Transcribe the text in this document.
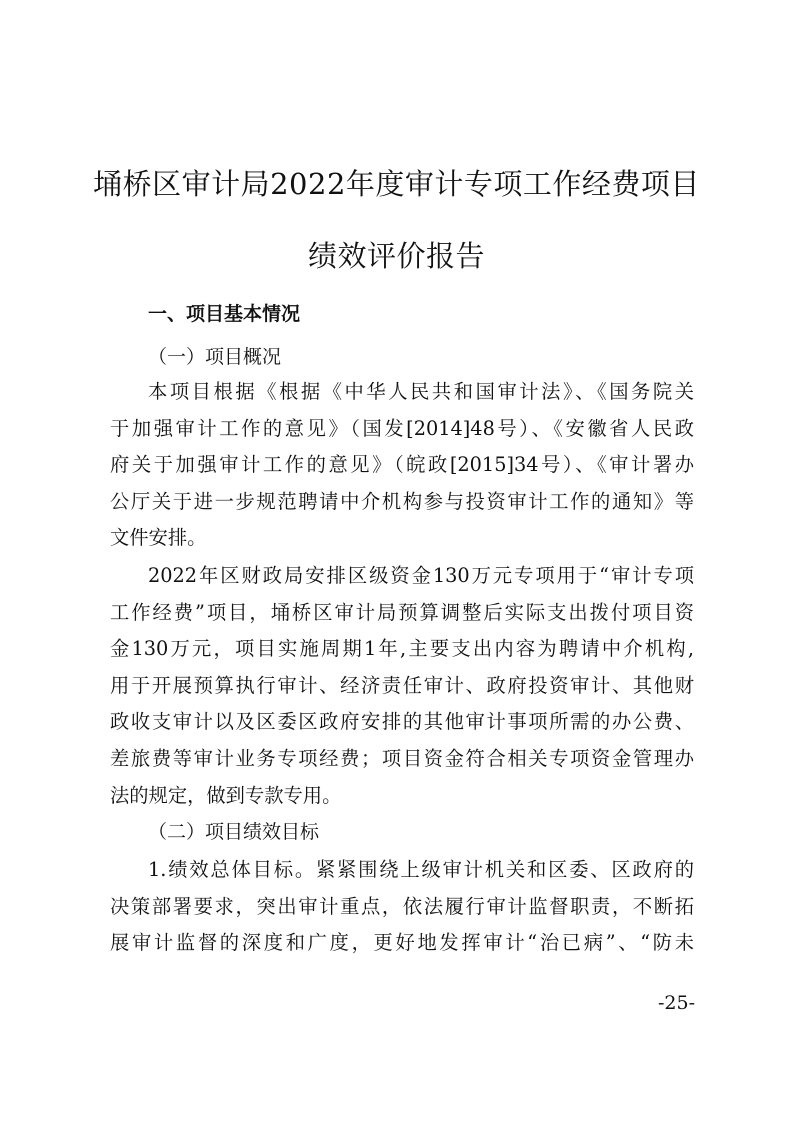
埇桥区审计局2022年度审计专项工作经费项目
绩效评价报告
一、项目基本情况
（一）项目概况
本项目根据《根据《中华人民共和国审计法》、《国务院关
于加强审计工作的意见》（国发[2014]48号）、《安徽省人民政
府关于加强审计工作的意见》（皖政[2015]34号）、《审计署办
公厅关于进一步规范聘请中介机构参与投资审计工作的通知》等
文件安排。
2022年区财政局安排区级资金130万元专项用于“审计专项
工作经费”项目，埇桥区审计局预算调整后实际支出拨付项目资
金130万元，项目实施周期1年,主要支出内容为聘请中介机构,
用于开展预算执行审计、经济责任审计、政府投资审计、其他财
政收支审计以及区委区政府安排的其他审计事项所需的办公费、
差旅费等审计业务专项经费；项目资金符合相关专项资金管理办
法的规定，做到专款专用。
（二）项目绩效目标
1.绩效总体目标。紧紧围绕上级审计机关和区委、区政府的
决策部署要求，突出审计重点，依法履行审计监督职责，不断拓
展审计监督的深度和广度，更好地发挥审计“治已病”、“防未
-25-
